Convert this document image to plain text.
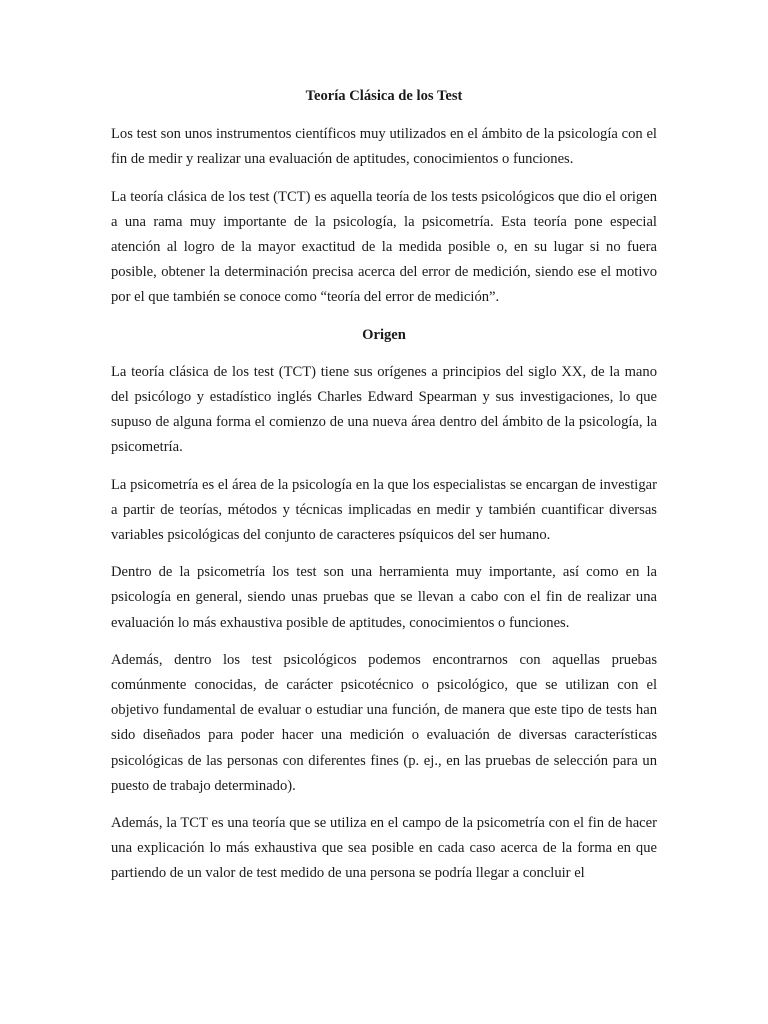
Teoría Clásica de los Test

Los test son unos instrumentos científicos muy utilizados en el ámbito de la psicología con el fin de medir y realizar una evaluación de aptitudes, conocimientos o funciones.

La teoría clásica de los test (TCT) es aquella teoría de los tests psicológicos que dio el origen a una rama muy importante de la psicología, la psicometría. Esta teoría pone especial atención al logro de la mayor exactitud de la medida posible o, en su lugar si no fuera posible, obtener la determinación precisa acerca del error de medición, siendo ese el motivo por el que también se conoce como “teoría del error de medición”.

Origen

La teoría clásica de los test (TCT) tiene sus orígenes a principios del siglo XX, de la mano del psicólogo y estadístico inglés Charles Edward Spearman y sus investigaciones, lo que supuso de alguna forma el comienzo de una nueva área dentro del ámbito de la psicología, la psicometría.

La psicometría es el área de la psicología en la que los especialistas se encargan de investigar a partir de teorías, métodos y técnicas implicadas en medir y también cuantificar diversas variables psicológicas del conjunto de caracteres psíquicos del ser humano.

Dentro de la psicometría los test son una herramienta muy importante, así como en la psicología en general, siendo unas pruebas que se llevan a cabo con el fin de realizar una evaluación lo más exhaustiva posible de aptitudes, conocimientos o funciones.

Además, dentro los test psicológicos podemos encontrarnos con aquellas pruebas comúnmente conocidas, de carácter psicotécnico o psicológico, que se utilizan con el objetivo fundamental de evaluar o estudiar una función, de manera que este tipo de tests han sido diseñados para poder hacer una medición o evaluación de diversas características psicológicas de las personas con diferentes fines (p. ej., en las pruebas de selección para un puesto de trabajo determinado).

Además, la TCT es una teoría que se utiliza en el campo de la psicometría con el fin de hacer una explicación lo más exhaustiva que sea posible en cada caso acerca de la forma en que partiendo de un valor de test medido de una persona se podría llegar a concluir el
